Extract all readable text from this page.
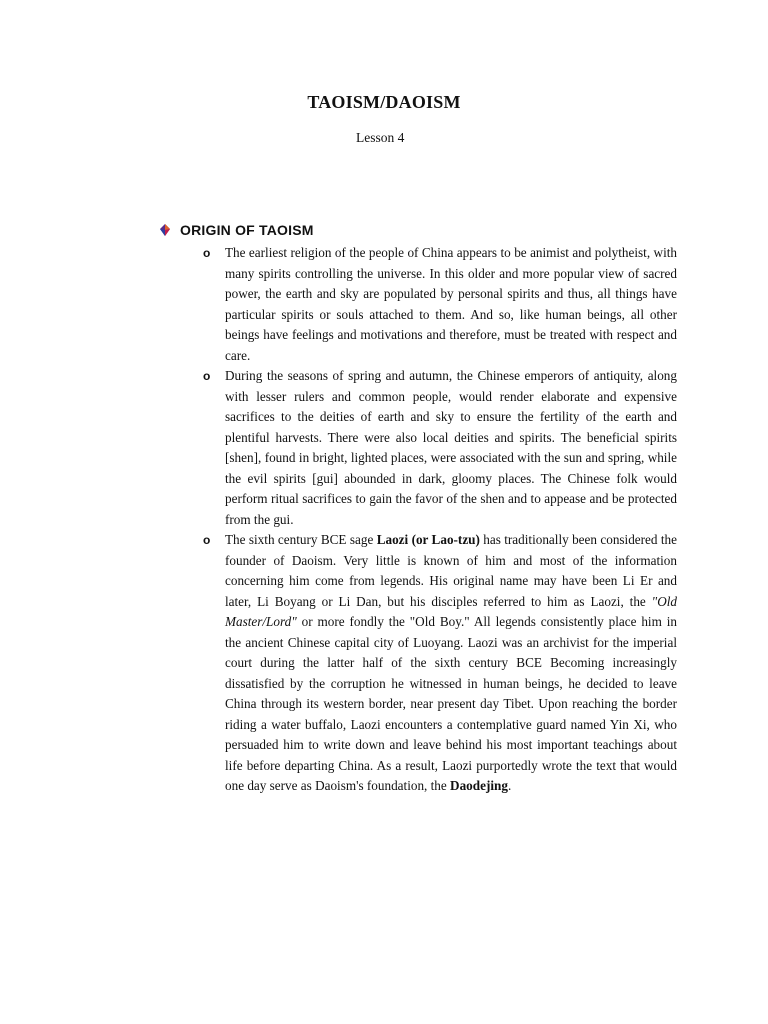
TAOISM/DAOISM
Lesson 4
ORIGIN OF TAOISM
o The earliest religion of the people of China appears to be animist and polytheist, with many spirits controlling the universe. In this older and more popular view of sacred power, the earth and sky are populated by personal spirits and thus, all things have particular spirits or souls attached to them. And so, like human beings, all other beings have feelings and motivations and therefore, must be treated with respect and care.
o During the seasons of spring and autumn, the Chinese emperors of antiquity, along with lesser rulers and common people, would render elaborate and expensive sacrifices to the deities of earth and sky to ensure the fertility of the earth and plentiful harvests. There were also local deities and spirits. The beneficial spirits [shen], found in bright, lighted places, were associated with the sun and spring, while the evil spirits [gui] abounded in dark, gloomy places. The Chinese folk would perform ritual sacrifices to gain the favor of the shen and to appease and be protected from the gui.
o The sixth century BCE sage Laozi (or Lao-tzu) has traditionally been considered the founder of Daoism. Very little is known of him and most of the information concerning him come from legends. His original name may have been Li Er and later, Li Boyang or Li Dan, but his disciples referred to him as Laozi, the "Old Master/Lord" or more fondly the "Old Boy." All legends consistently place him in the ancient Chinese capital city of Luoyang. Laozi was an archivist for the imperial court during the latter half of the sixth century BCE Becoming increasingly dissatisfied by the corruption he witnessed in human beings, he decided to leave China through its western border, near present day Tibet. Upon reaching the border riding a water buffalo, Laozi encounters a contemplative guard named Yin Xi, who persuaded him to write down and leave behind his most important teachings about life before departing China. As a result, Laozi purportedly wrote the text that would one day serve as Daoism's foundation, the Daodejing.
